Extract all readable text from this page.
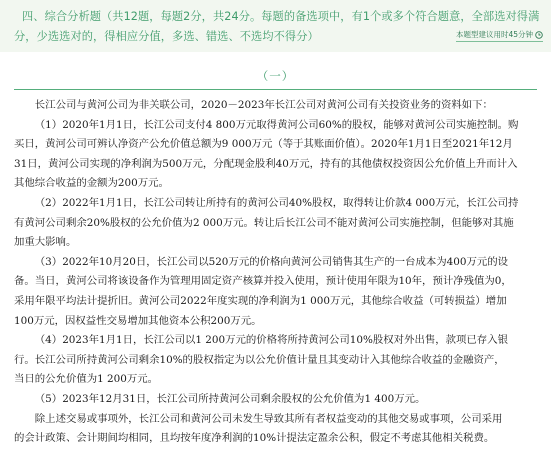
四、综合分析题（共12题，每题2分，共24分。每题的备选项中，有1个或多个符合题意，全部选对得满
分，少选选对的，得相应分值，多选、错选、不选均不得分）	本题型建议用时45分钟
（一）
长江公司与黄河公司为非关联公司，2020－2023年长江公司对黄河公司有关投资业务的资料如下：
（1）2020年1月1日，长江公司支付4 800万元取得黄河公司60%的股权，能够对黄河公司实施控制。购
买日，黄河公司可辨认净资产公允价值总额为9 000万元（等于其账面价值）。2020年1月1日至2021年12月
31日，黄河公司实现的净利润为500万元，分配现金股利40万元，持有的其他债权投资因公允价值上升而计入
其他综合收益的金额为200万元。
（2）2022年1月1日，长江公司转让所持有的黄河公司40%股权，取得转让价款4 000万元，长江公司持
有黄河公司剩余20%股权的公允价值为2 000万元。转让后长江公司不能对黄河公司实施控制，但能够对其施
加重大影响。
（3）2022年10月20日，长江公司以520万元的价格向黄河公司销售其生产的一台成本为400万元的设
备。当日，黄河公司将该设备作为管理用固定资产核算并投入使用，预计使用年限为10年，预计净残值为0，
采用年限平均法计提折旧。黄河公司2022年度实现的净利润为1 000万元，其他综合收益（可转损益）增加
100万元，因权益性交易增加其他资本公积200万元。
（4）2023年1月1日，长江公司以1 200万元的价格将所持黄河公司10%股权对外出售，款项已存入银
行。长江公司所持黄河公司剩余10%的股权指定为以公允价值计量且其变动计入其他综合收益的金融资产，
当日的公允价值为1 200万元。
（5）2023年12月31日，长江公司所持黄河公司剩余股权的公允价值为1 400万元。
除上述交易或事项外，长江公司和黄河公司未发生导致其所有者权益变动的其他交易或事项，公司采用
的会计政策、会计期间均相同，且均按年度净利润的10%计提法定盈余公积，假定不考虑其他相关税费。
